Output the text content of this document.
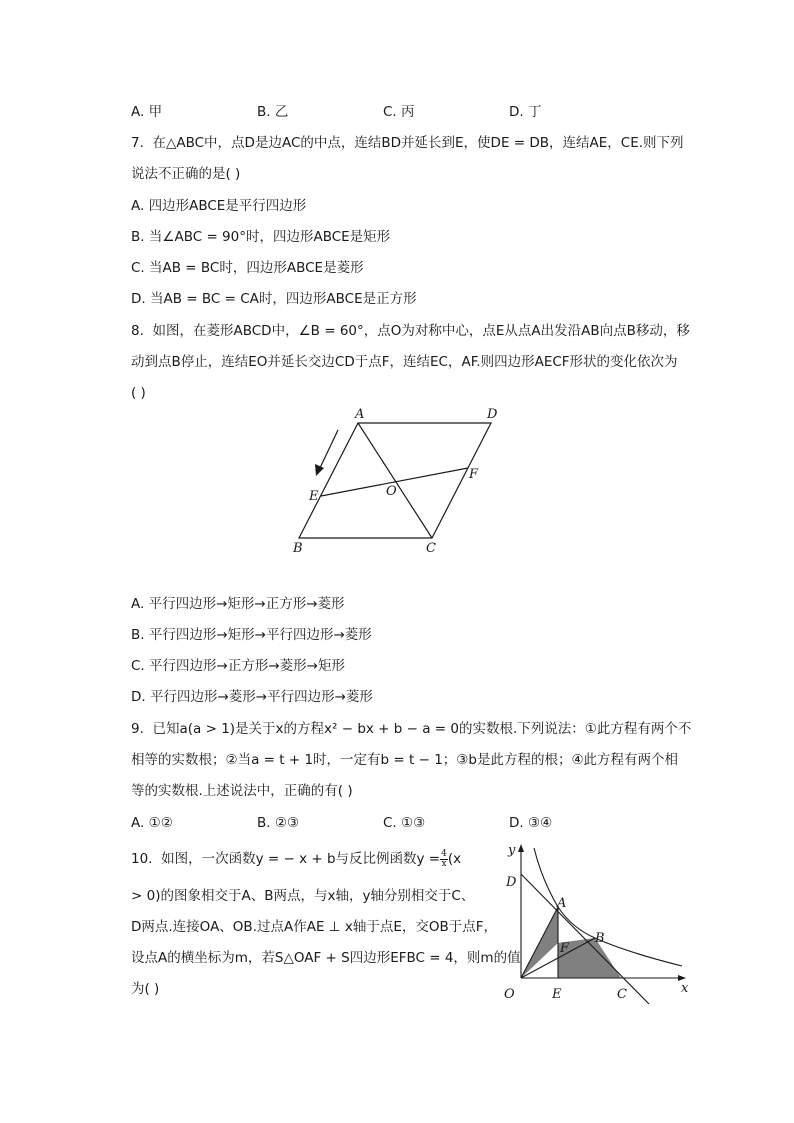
A. 甲	B. 乙	C. 丙	D. 丁
7. 在△ABC中，点D是边AC的中点，连结BD并延长到E，使DE = DB，连结AE，CE.则下列
说法不正确的是( )
A. 四边形ABCE是平行四边形
B. 当∠ABC = 90°时，四边形ABCE是矩形
C. 当AB = BC时，四边形ABCE是菱形
D. 当AB = BC = CA时，四边形ABCE是正方形
8. 如图，在菱形ABCD中，∠B = 60°，点O为对称中心，点E从点A出发沿AB向点B移动，移
动到点B停止，连结EO并延长交边CD于点F，连结EC，AF.则四边形AECF形状的变化依次为
( )
A	D
E	O
F
B	C
A. 平行四边形→矩形→正方形→菱形
B. 平行四边形→矩形→平行四边形→菱形
C. 平行四边形→正方形→菱形→矩形
D. 平行四边形→菱形→平行四边形→菱形
9. 已知a(a > 1)是关于x的方程x² − bx + b − a = 0的实数根.下列说法：①此方程有两个不
相等的实数根；②当a = t + 1时，一定有b = t − 1；③b是此方程的根；④此方程有两个相
等的实数根.上述说法中，正确的有( )
A. ①②	B. ②③	C. ①③	D. ③④
10. 如图，一次函数y = − x + b与反比例函数$y = \frac{4}{x} (x$
> 0)的图象相交于A、B两点，与x轴，y轴分别相交于C、
D两点.连接OA、OB.过点A作AE ⊥ x轴于点E，交OB于点F，
设点A的横坐标为m，若S△OAF + S四边形EFBC = 4，则m的值
为( )
y
x
D
A
F
B
O	E	C
